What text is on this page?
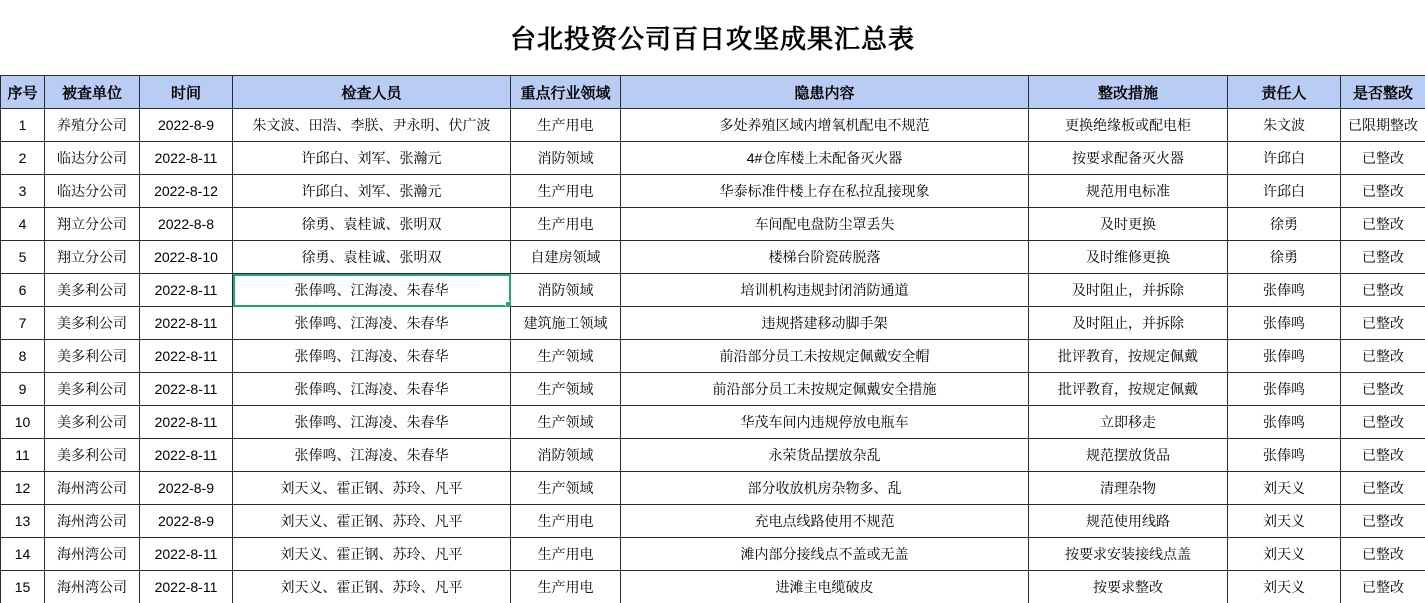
台北投资公司百日攻坚成果汇总表
序号	被查单位	时间	检查人员	重点行业领域	隐患内容	整改措施	责任人	是否整改
1	养殖分公司	2022-8-9	朱文波、田浩、李朕、尹永明、伏广波	生产用电	多处养殖区域内增氧机配电不规范	更换绝缘板或配电柜	朱文波	已限期整改
2	临达分公司	2022-8-11	许邱白、刘军、张瀚元	消防领域	4#仓库楼上未配备灭火器	按要求配备灭火器	许邱白	已整改
3	临达分公司	2022-8-12	许邱白、刘军、张瀚元	生产用电	华泰标准件楼上存在私拉乱接现象	规范用电标准	许邱白	已整改
4	翔立分公司	2022-8-8	徐勇、袁桂诚、张明双	生产用电	车间配电盘防尘罩丢失	及时更换	徐勇	已整改
5	翔立分公司	2022-8-10	徐勇、袁桂诚、张明双	自建房领域	楼梯台阶瓷砖脱落	及时维修更换	徐勇	已整改
6	美多利公司	2022-8-11	张俸鸣、江海凌、朱春华	消防领域	培训机构违规封闭消防通道	及时阻止，并拆除	张俸鸣	已整改
7	美多利公司	2022-8-11	张俸鸣、江海凌、朱春华	建筑施工领域	违规搭建移动脚手架	及时阻止，并拆除	张俸鸣	已整改
8	美多利公司	2022-8-11	张俸鸣、江海凌、朱春华	生产领域	前沿部分员工未按规定佩戴安全帽	批评教育，按规定佩戴	张俸鸣	已整改
9	美多利公司	2022-8-11	张俸鸣、江海凌、朱春华	生产领域	前沿部分员工未按规定佩戴安全措施	批评教育，按规定佩戴	张俸鸣	已整改
10	美多利公司	2022-8-11	张俸鸣、江海凌、朱春华	生产领域	华茂车间内违规停放电瓶车	立即移走	张俸鸣	已整改
11	美多利公司	2022-8-11	张俸鸣、江海凌、朱春华	消防领域	永荣货品摆放杂乱	规范摆放货品	张俸鸣	已整改
12	海州湾公司	2022-8-9	刘天义、霍正钢、苏玲、凡平	生产领域	部分收放机房杂物多、乱	清理杂物	刘天义	已整改
13	海州湾公司	2022-8-9	刘天义、霍正钢、苏玲、凡平	生产用电	充电点线路使用不规范	规范使用线路	刘天义	已整改
14	海州湾公司	2022-8-11	刘天义、霍正钢、苏玲、凡平	生产用电	滩内部分接线点不盖或无盖	按要求安装接线点盖	刘天义	已整改
15	海州湾公司	2022-8-11	刘天义、霍正钢、苏玲、凡平	生产用电	进滩主电缆破皮	按要求整改	刘天义	已整改
